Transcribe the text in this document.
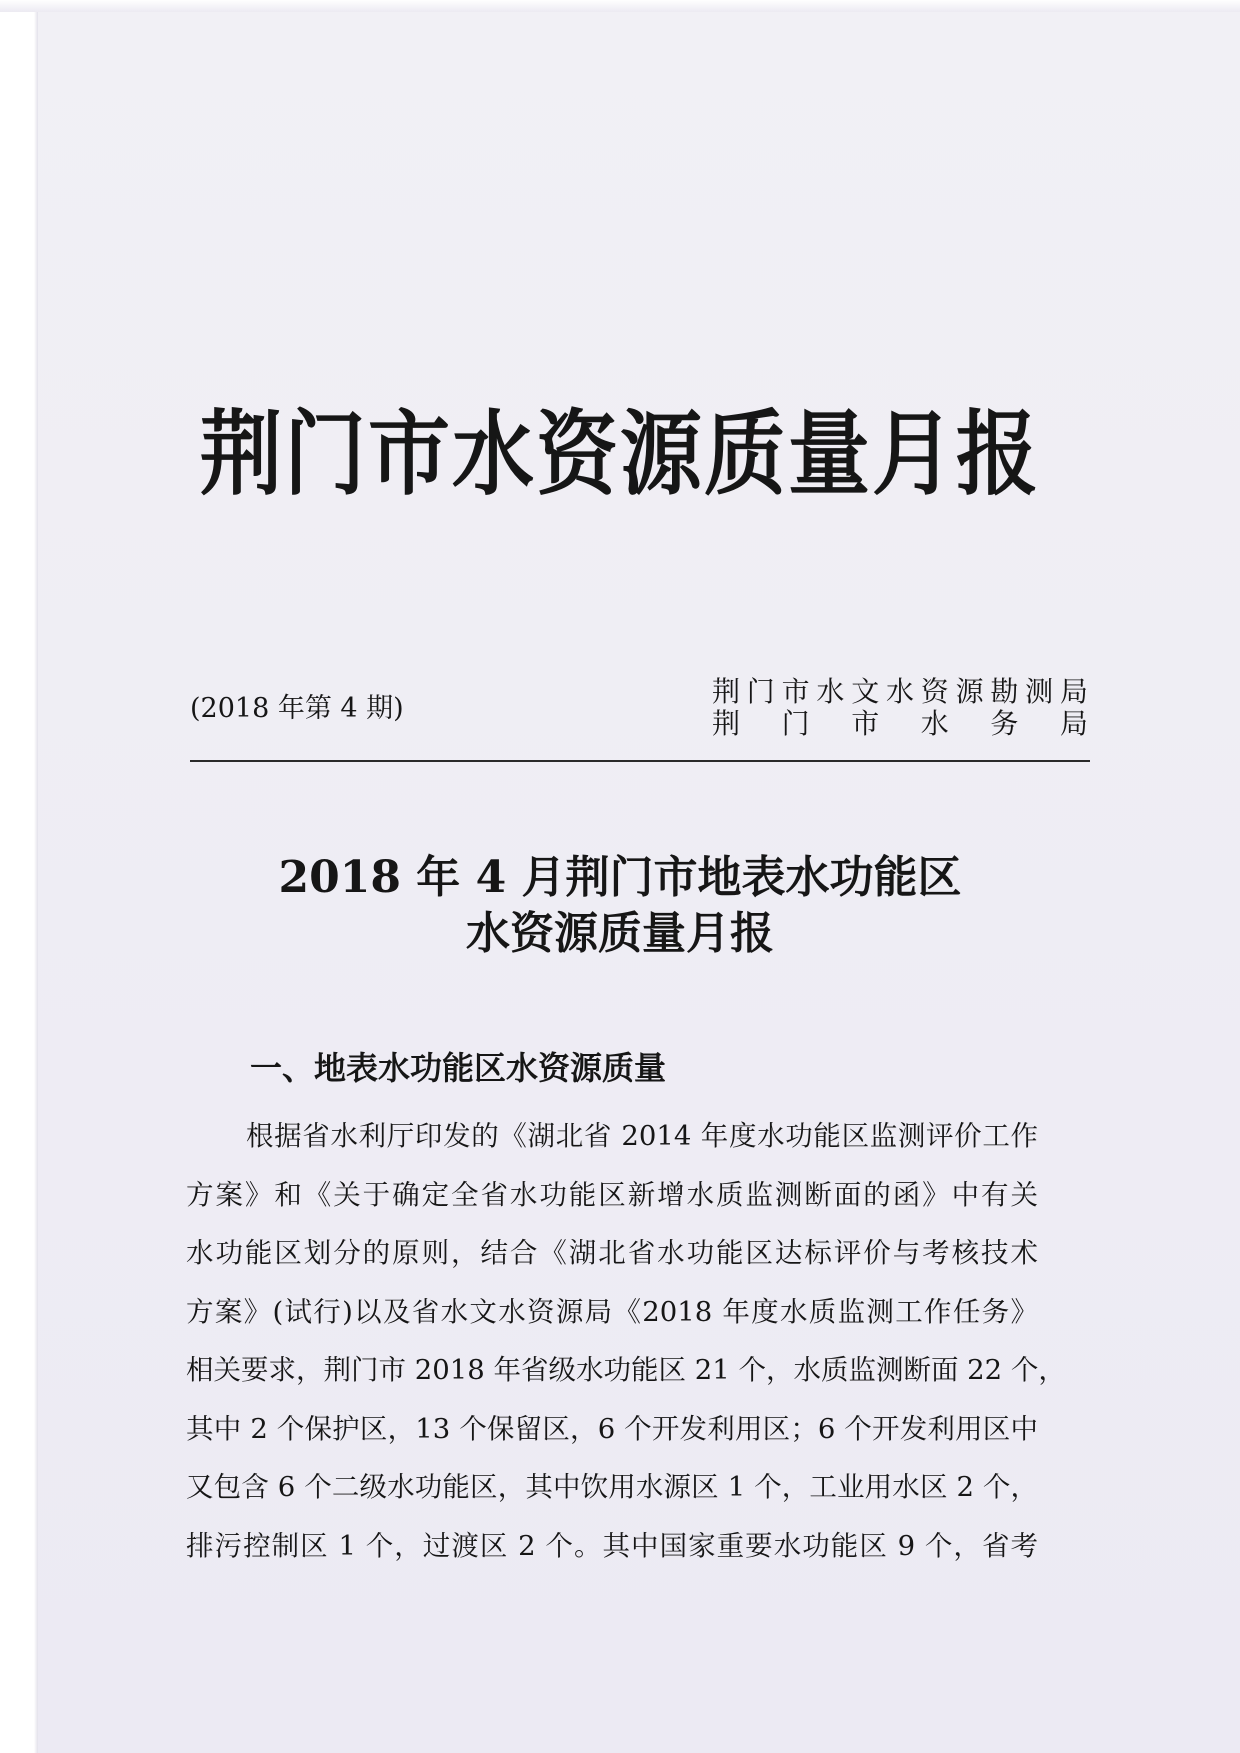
荆门市水资源质量月报

(2018 年第 4 期)

荆门市水文水资源勘测局
荆门市水务局
2018 年 4 月荆门市地表水功能区
水资源质量月报
一、地表水功能区水资源质量
根据省水利厅印发的《湖北省 2014 年度水功能区监测评价工作
方案》和《关于确定全省水功能区新增水质监测断面的函》中有关
水功能区划分的原则，结合《湖北省水功能区达标评价与考核技术
方案》(试行)以及省水文水资源局《2018 年度水质监测工作任务》
相关要求，荆门市 2018 年省级水功能区 21 个，水质监测断面 22 个，
其中 2 个保护区，13 个保留区，6 个开发利用区；6 个开发利用区中
又包含 6 个二级水功能区，其中饮用水源区 1 个，工业用水区 2 个，
排污控制区 1 个，过渡区 2 个。其中国家重要水功能区 9 个，省考
